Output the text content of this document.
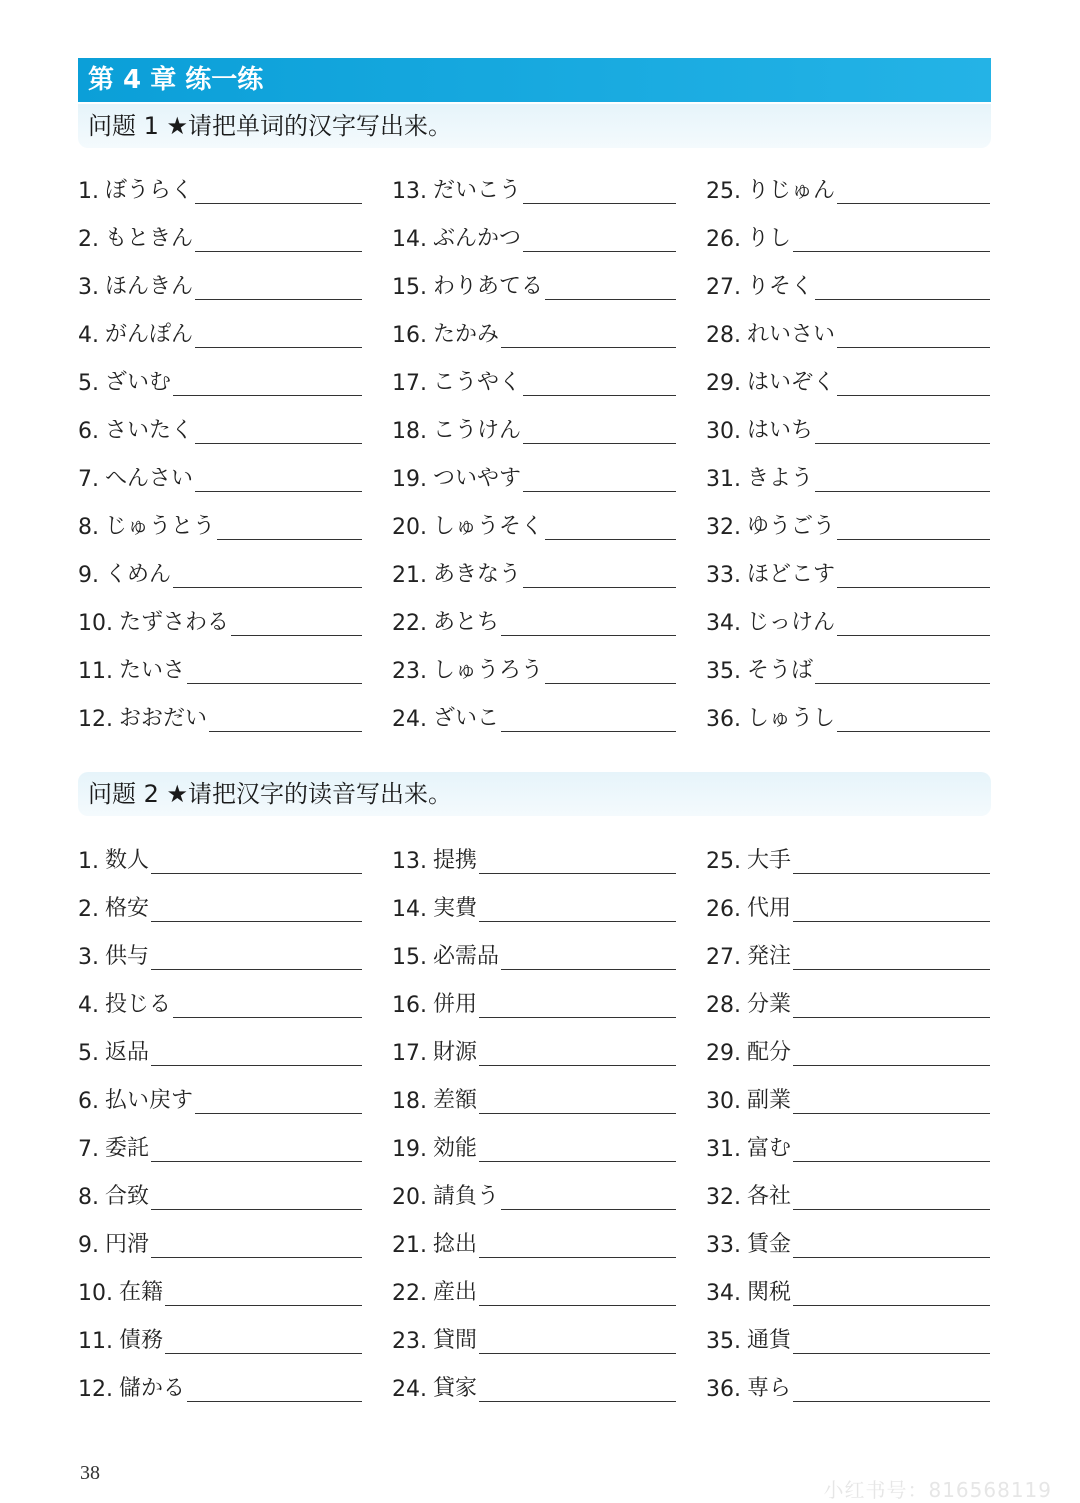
第 4 章 练一练
问题 1 ★请把单词的汉字写出来。
1. ぼうらく	13. だいこう	25. りじゅん
2. もときん	14. ぶんかつ	26. りし
3. ほんきん	15. わりあてる	27. りそく
4. がんぽん	16. たかみ	28. れいさい
5. ざいむ	17. こうやく	29. はいぞく
6. さいたく	18. こうけん	30. はいち
7. へんさい	19. ついやす	31. きよう
8. じゅうとう	20. しゅうそく	32. ゆうごう
9. くめん	21. あきなう	33. ほどこす
10. たずさわる	22. あとち	34. じっけん
11. たいさ	23. しゅうろう	35. そうば
12. おおだい	24. ざいこ	36. しゅうし
问题 2 ★请把汉字的读音写出来。
1. 数人	13. 提携	25. 大手
2. 格安	14. 実費	26. 代用
3. 供与	15. 必需品	27. 発注
4. 投じる	16. 併用	28. 分業
5. 返品	17. 財源	29. 配分
6. 払い戻す	18. 差額	30. 副業
7. 委託	19. 効能	31. 富む
8. 合致	20. 請負う	32. 各社
9. 円滑	21. 捻出	33. 賃金
10. 在籍	22. 産出	34. 関税
11. 債務	23. 貸間	35. 通貨
12. 儲かる	24. 貸家	36. 専ら
38
小红书号：816568119
